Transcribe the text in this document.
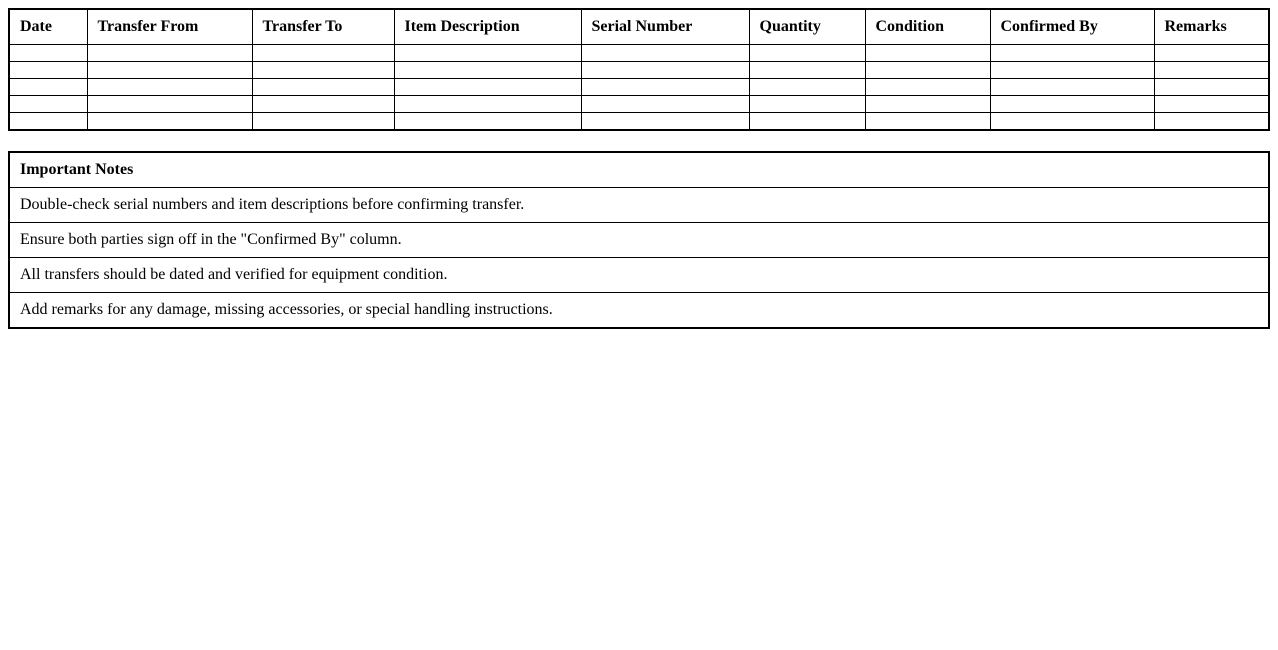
Date	Transfer From	Transfer To	Item Description	Serial Number	Quantity	Condition	Confirmed By	Remarks

Important Notes
Double-check serial numbers and item descriptions before confirming transfer.
Ensure both parties sign off in the "Confirmed By" column.
All transfers should be dated and verified for equipment condition.
Add remarks for any damage, missing accessories, or special handling instructions.
